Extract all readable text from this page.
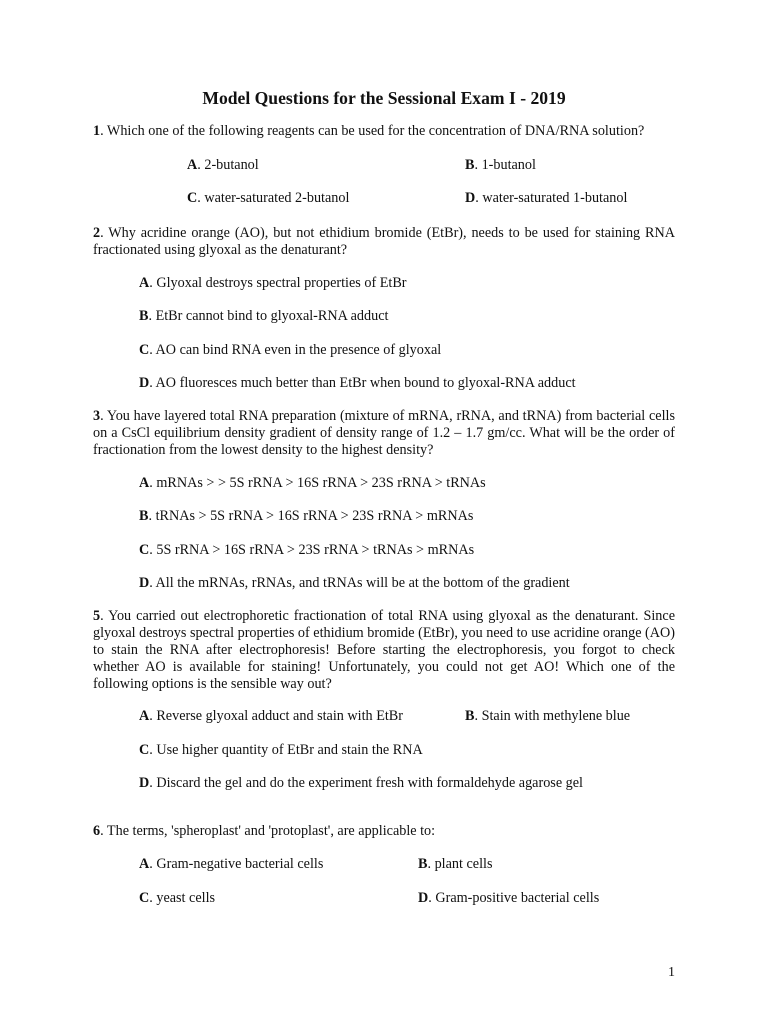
Model Questions for the Sessional Exam I - 2019
1. Which one of the following reagents can be used for the concentration of DNA/RNA solution?
A. 2-butanol	B. 1-butanol
C. water-saturated 2-butanol	D. water-saturated 1-butanol
2. Why acridine orange (AO), but not ethidium bromide (EtBr), needs to be used for staining RNA fractionated using glyoxal as the denaturant?
A. Glyoxal destroys spectral properties of EtBr
B. EtBr cannot bind to glyoxal-RNA adduct
C. AO can bind RNA even in the presence of glyoxal
D. AO fluoresces much better than EtBr when bound to glyoxal-RNA adduct
3. You have layered total RNA preparation (mixture of mRNA, rRNA, and tRNA) from bacterial cells on a CsCl equilibrium density gradient of density range of 1.2 – 1.7 gm/cc. What will be the order of fractionation from the lowest density to the highest density?
A. mRNAs > > 5S rRNA > 16S rRNA > 23S rRNA > tRNAs
B. tRNAs > 5S rRNA > 16S rRNA > 23S rRNA > mRNAs
C. 5S rRNA > 16S rRNA > 23S rRNA > tRNAs > mRNAs
D. All the mRNAs, rRNAs, and tRNAs will be at the bottom of the gradient
5. You carried out electrophoretic fractionation of total RNA using glyoxal as the denaturant. Since glyoxal destroys spectral properties of ethidium bromide (EtBr), you need to use acridine orange (AO) to stain the RNA after electrophoresis! Before starting the electrophoresis, you forgot to check whether AO is available for staining! Unfortunately, you could not get AO! Which one of the following options is the sensible way out?
A. Reverse glyoxal adduct and stain with EtBr	B. Stain with methylene blue
C. Use higher quantity of EtBr and stain the RNA
D. Discard the gel and do the experiment fresh with formaldehyde agarose gel
6. The terms, 'spheroplast' and 'protoplast', are applicable to:
A. Gram-negative bacterial cells	B. plant cells
C. yeast cells	D. Gram-positive bacterial cells
1
